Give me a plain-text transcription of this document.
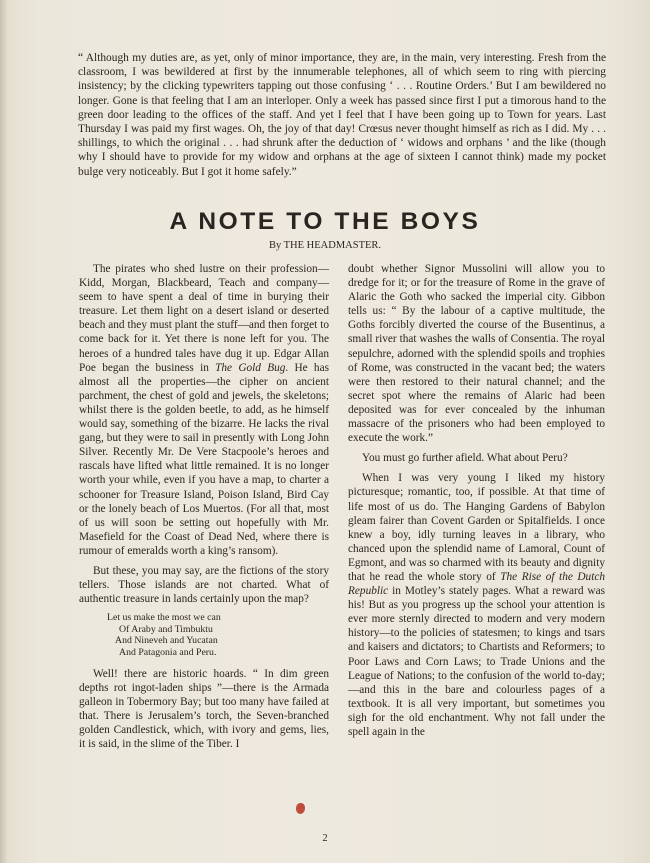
“ Although my duties are, as yet, only of minor importance, they are, in the main, very interesting. Fresh from the classroom, I was bewildered at first by the innumerable telephones, all of which seem to ring with piercing insistency; by the clicking typewriters tapping out those confusing ‘ . . . Routine Orders.’ But I am bewildered no longer. Gone is that feeling that I am an interloper. Only a week has passed since first I put a timorous hand to the green door leading to the offices of the staff. And yet I feel that I have been going up to Town for years. Last Thursday I was paid my first wages. Oh, the joy of that day! Crœsus never thought himself as rich as I did. My . . . shillings, to which the original . . . had shrunk after the deduction of ‘ widows and orphans ’ and the like (though why I should have to provide for my widow and orphans at the age of sixteen I cannot think) made my pocket bulge very noticeably. But I got it home safely.”

A NOTE TO THE BOYS

By THE HEADMASTER.

The pirates who shed lustre on their profession—Kidd, Morgan, Blackbeard, Teach and company—seem to have spent a deal of time in burying their treasure. Let them light on a desert island or deserted beach and they must plant the stuff—and then forget to come back for it. Yet there is none left for you. The heroes of a hundred tales have dug it up. Edgar Allan Poe began the business in The Gold Bug. He has almost all the properties—the cipher on ancient parchment, the chest of gold and jewels, the skeletons; whilst there is the golden beetle, to add, as he himself would say, something of the bizarre. He lacks the rival gang, but they were to sail in presently with Long John Silver. Recently Mr. De Vere Stacpoole’s heroes and rascals have lifted what little remained. It is no longer worth your while, even if you have a map, to charter a schooner for Treasure Island, Poison Island, Bird Cay or the lonely beach of Los Muertos. (For all that, most of us will soon be setting out hopefully with Mr. Masefield for the Coast of Dead Ned, where there is rumour of emeralds worth a king’s ransom).

But these, you may say, are the fictions of the story tellers. Those islands are not charted. What of authentic treasure in lands certainly upon the map?

Let us make the most we can
Of Araby and Timbuktu
And Nineveh and Yucatan
And Patagonia and Peru.

Well! there are historic hoards. “ In dim green depths rot ingot-laden ships ”—there is the Armada galleon in Tobermory Bay; but too many have failed at that. There is Jerusalem’s torch, the Seven-branched golden Candlestick, which, with ivory and gems, lies, it is said, in the slime of the Tiber. I

doubt whether Signor Mussolini will allow you to dredge for it; or for the treasure of Rome in the grave of Alaric the Goth who sacked the imperial city. Gibbon tells us: “ By the labour of a captive multitude, the Goths forcibly diverted the course of the Busentinus, a small river that washes the walls of Consentia. The royal sepulchre, adorned with the splendid spoils and trophies of Rome, was constructed in the vacant bed; the waters were then restored to their natural channel; and the secret spot where the remains of Alaric had been deposited was for ever concealed by the inhuman massacre of the prisoners who had been employed to execute the work.”

You must go further afield. What about Peru?

When I was very young I liked my history picturesque; romantic, too, if possible. At that time of life most of us do. The Hanging Gardens of Babylon gleam fairer than Covent Garden or Spitalfields. I once knew a boy, idly turning leaves in a library, who chanced upon the splendid name of Lamoral, Count of Egmont, and was so charmed with its beauty and dignity that he read the whole story of The Rise of the Dutch Republic in Motley’s stately pages. What a reward was his! But as you progress up the school your attention is ever more sternly directed to modern and very modern history—to the policies of statesmen; to kings and tsars and kaisers and dictators; to Chartists and Reformers; to Poor Laws and Corn Laws; to Trade Unions and the League of Nations; to the confusion of the world to-day;—and this in the bare and colourless pages of a textbook. It is all very important, but sometimes you sigh for the old enchantment. Why not fall under the spell again in the

2
